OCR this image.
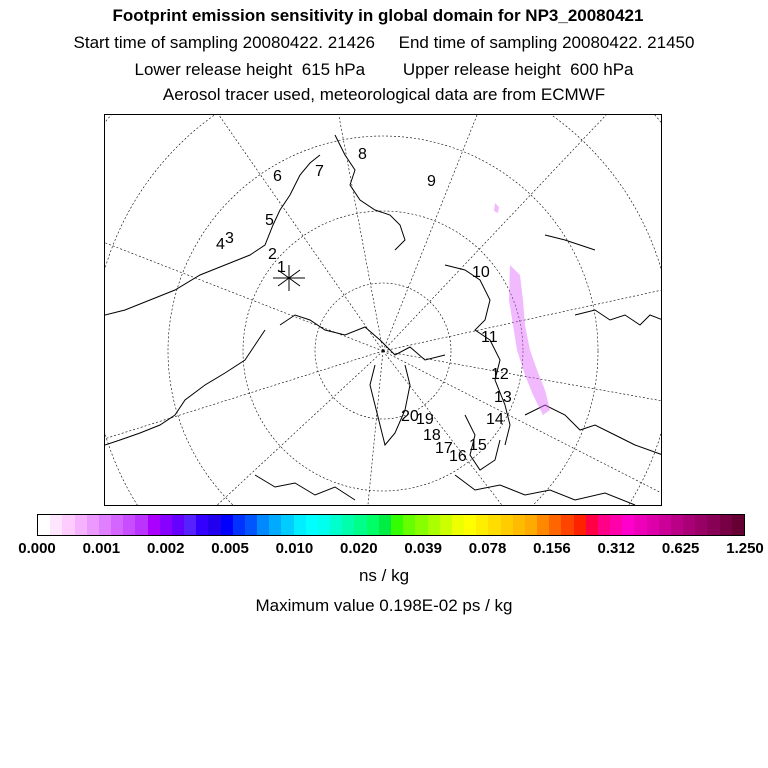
Footprint emission sensitivity in global domain for NP3_20080421
Start time of sampling 20080422. 21426     End time of sampling 20080422. 21450
Lower release height  615 hPa        Upper release height  600 hPa
Aerosol tracer used, meteorological data are from ECMWF
1
2
3
4
5
6 7
8
9
10
11
12
13
14
15
16
17
18
19
20
0.000 0.001 0.002 0.005 0.010 0.020 0.039 0.078 0.156 0.312 0.625 1.250
ns / kg
Maximum value 0.198E-02 ps / kg
